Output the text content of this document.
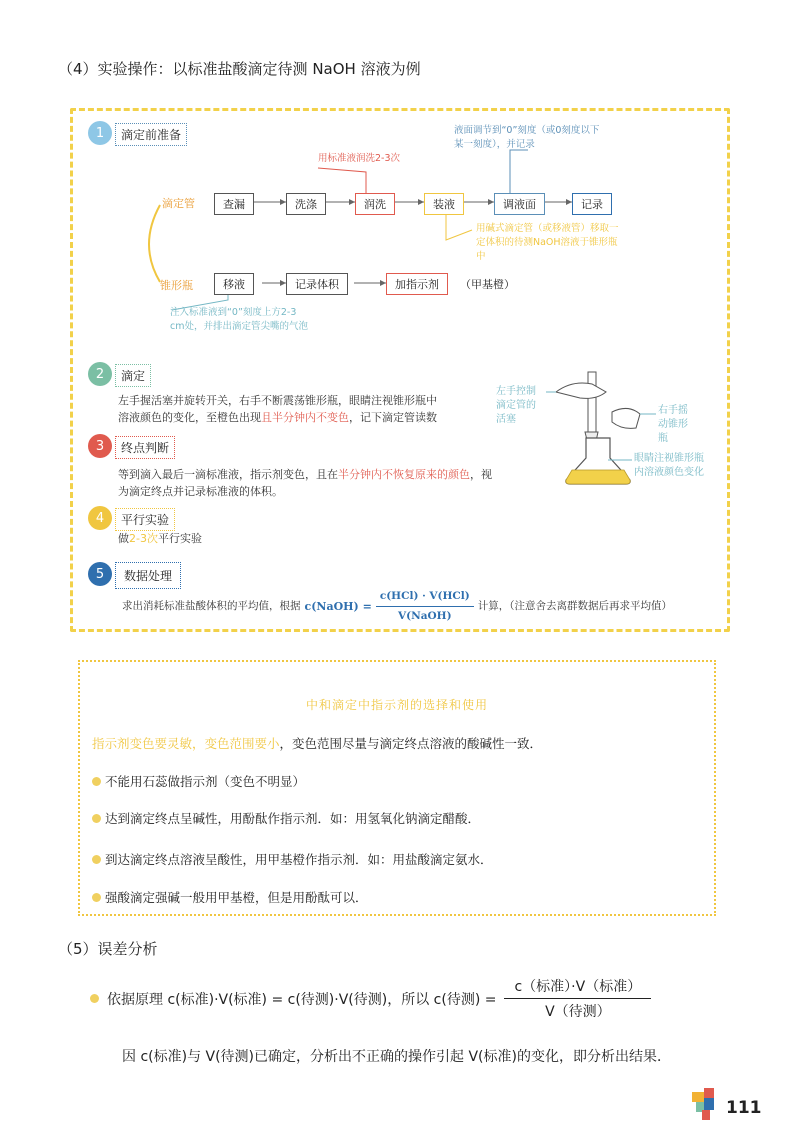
（4）实验操作：以标准盐酸滴定待测 NaOH 溶液为例
1	滴定前准备
用标准液润洗2-3次
液面调节到“0”刻度（或0刻度以下
某一刻度），并记录
滴定管	查漏	洗涤	润洗	装液	调液面	记录
用碱式滴定管（或移液管）移取一
定体积的待测NaOH溶液于锥形瓶
中
锥形瓶	移液	记录体积	加指示剂	（甲基橙）
注入标准液到“0”刻度上方2-3
cm处，并排出滴定管尖嘴的气泡
2	滴定
左手握活塞并旋转开关，右手不断震荡锥形瓶，眼睛注视锥形瓶中
溶液颜色的变化，至橙色出现且半分钟内不变色，记下滴定管读数
左手控制
滴定管的
活塞
右手摇
动锥形
瓶
眼睛注视锥形瓶
内溶液颜色变化
3	终点判断
等到滴入最后一滴标准液，指示剂变色，且在半分钟内不恢复原来的颜色，视
为滴定终点并记录标准液的体积。
4	平行实验
做2-3次平行实验
5	数据处理
求出消耗标准盐酸体积的平均值，根据 c(NaOH) = $\frac{\text{c(HCl) · V(HCl)}}{\text{V(NaOH)}}$ 计算，（注意舍去离群数据后再求平均值）
中和滴定中指示剂的选择和使用
指示剂变色要灵敏，变色范围要小，变色范围尽量与滴定终点溶液的酸碱性一致．
不能用石蕊做指示剂（变色不明显）
达到滴定终点呈碱性，用酚酞作指示剂．如：用氢氧化钠滴定醋酸．
到达滴定终点溶液呈酸性，用甲基橙作指示剂．如：用盐酸滴定氨水．
强酸滴定强碱一般用甲基橙，但是用酚酞可以．
（5）误差分析
依据原理 c(标准)·V(标准) = c(待测)·V(待测)，所以 c(待测) = $\frac{\text{c（标准）·V（标准）}}{\text{V（待测）}}$
因 c(标准)与 V(待测)已确定，分析出不正确的操作引起 V(标准)的变化，即分析出结果．
111
